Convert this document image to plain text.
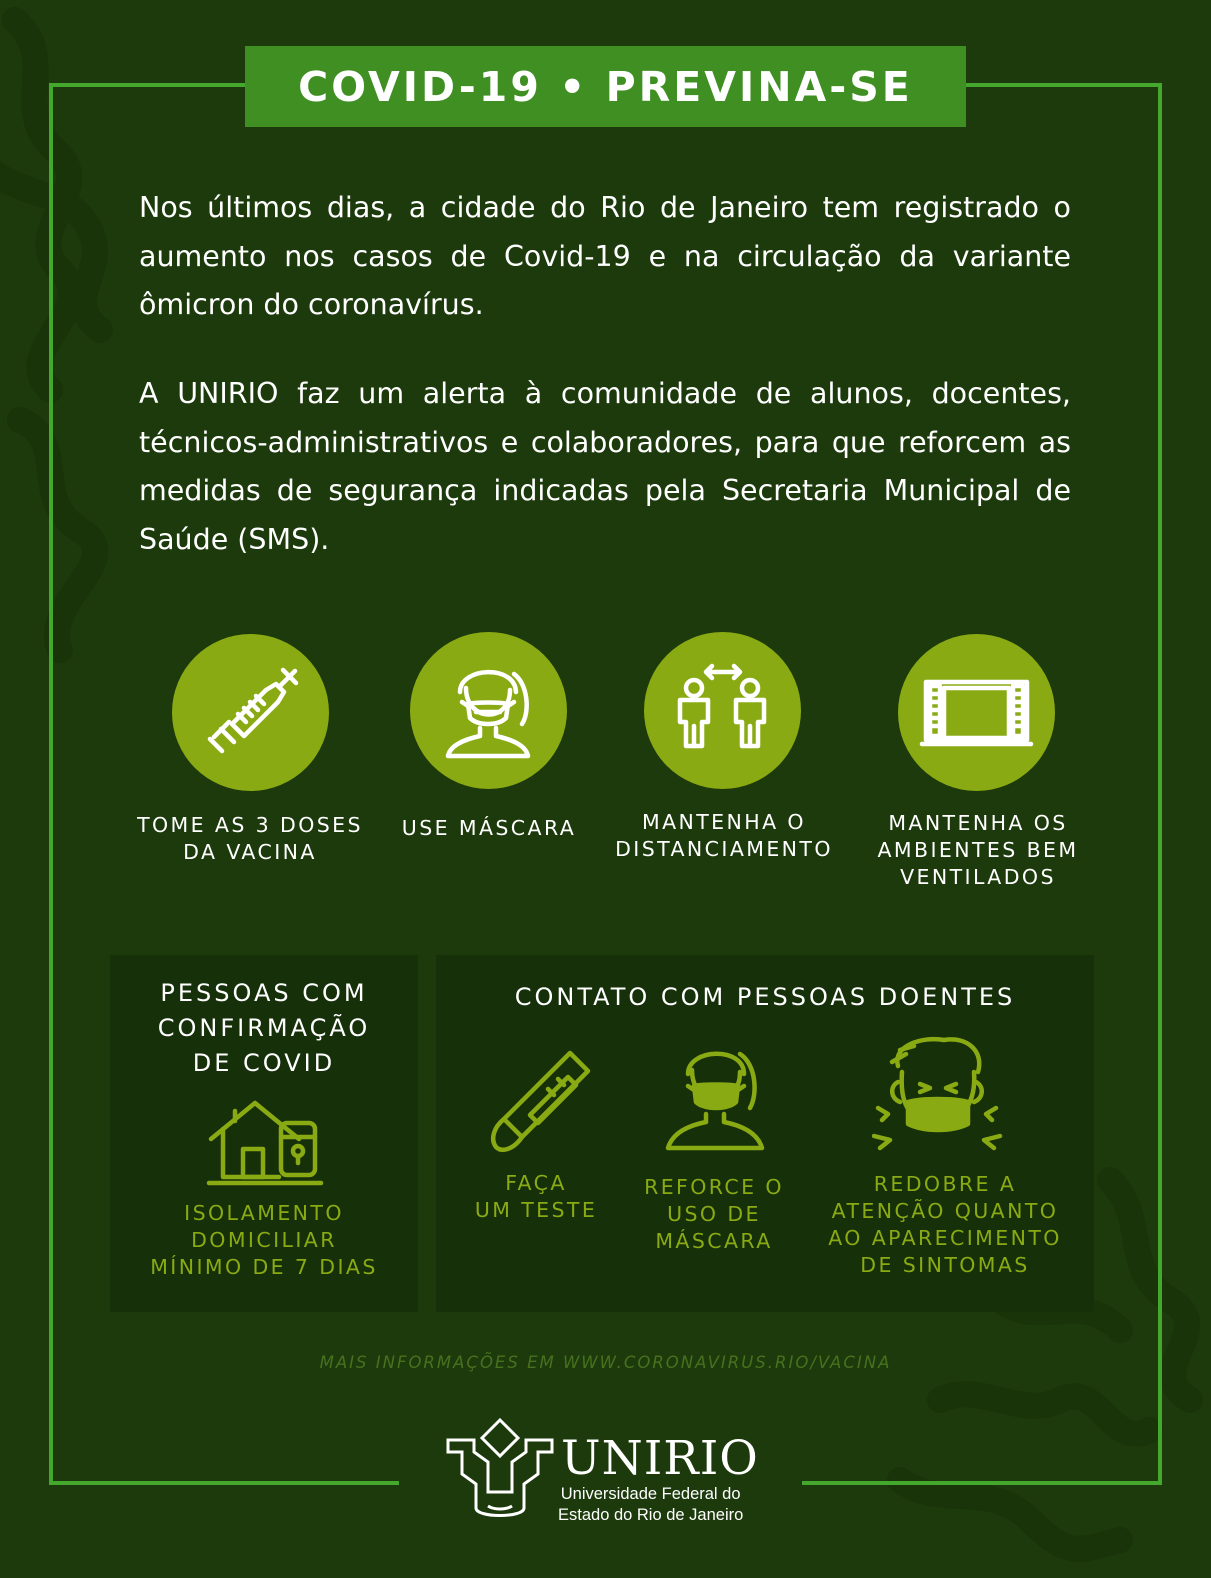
COVID-19 • PREVINA-SE

Nos últimos dias, a cidade do Rio de Janeiro tem registrado o aumento nos casos de Covid-19 e na circulação da variante ômicron do coronavírus.

A UNIRIO faz um alerta à comunidade de alunos, docentes, técnicos-administrativos e colaboradores, para que reforcem as medidas de segurança indicadas pela Secretaria Municipal de Saúde (SMS).

TOME AS 3 DOSES
DA VACINA
USE MÁSCARA	MANTENHA O
DISTANCIAMENTO
MANTENHA OS
AMBIENTES BEM
VENTILADOS
PESSOAS COM
CONFIRMAÇÃO
DE COVID
ISOLAMENTO
DOMICILIAR
MÍNIMO DE 7 DIAS
CONTATO COM PESSOAS DOENTES
FAÇA
UM TESTE
REFORCE O
USO DE
MÁSCARA
REDOBRE A
ATENÇÃO QUANTO
AO APARECIMENTO
DE SINTOMAS
MAIS INFORMAÇÕES EM WWW.CORONAVIRUS.RIO/VACINA
UNIRIO
Universidade Federal do
Estado do Rio de Janeiro
